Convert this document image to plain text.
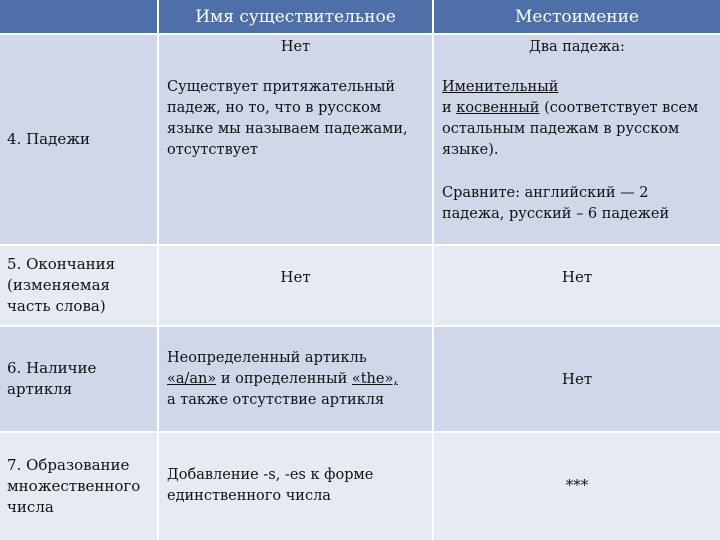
Имя существительное	Местоимение
4. Падежи
Нет
Существует притяжательный падеж, но то, что в русском языке мы называем падежами, отсутствует
Два падежа:
Именительный
и косвенный (соответствует всем остальным падежам в русском языке).
Сравните: английский — 2 падежа, русский – 6 падежей
5. Окончания (изменяемая часть слова)
Нет	Нет
6. Наличие артикля
Неопределенный артикль
«a/an» и определенный «the»,
а также отсутствие артикля
Нет
7. Образование множественного числа
Добавление -s, -es к форме единственного числа
***
